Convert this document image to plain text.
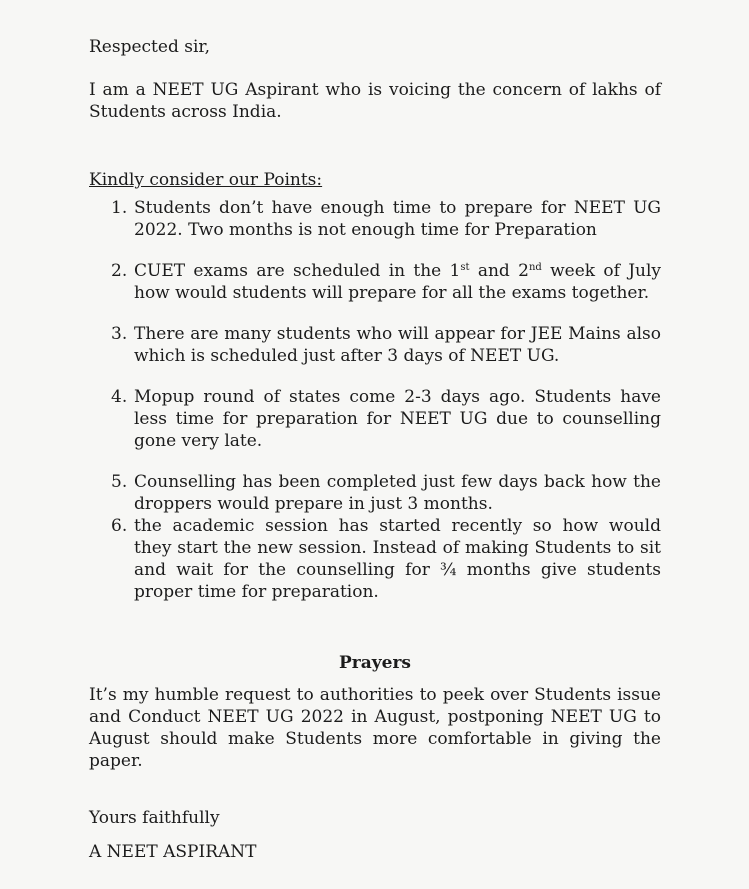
Respected sir,

I am a NEET UG Aspirant who is voicing the concern of lakhs of Students across India.

Kindly consider our Points:

1. Students don’t have enough time to prepare for NEET UG 2022. Two months is not enough time for Preparation
2. CUET exams are scheduled in the 1st and 2nd week of July how would students will prepare for all the exams together.
3. There are many students who will appear for JEE Mains also which is scheduled just after 3 days of NEET UG.
4. Mopup round of states come 2-3 days ago. Students have less time for preparation for NEET UG due to counselling gone very late.
5. Counselling has been completed just few days back how the droppers would prepare in just 3 months.
6. the academic session has started recently so how would they start the new session. Instead of making Students to sit and wait for the counselling for ¾ months give students proper time for preparation.

Prayers

It’s my humble request to authorities to peek over Students issue and Conduct NEET UG 2022 in August, postponing NEET UG to August should make Students more comfortable in giving the paper.

Yours faithfully

A NEET ASPIRANT
